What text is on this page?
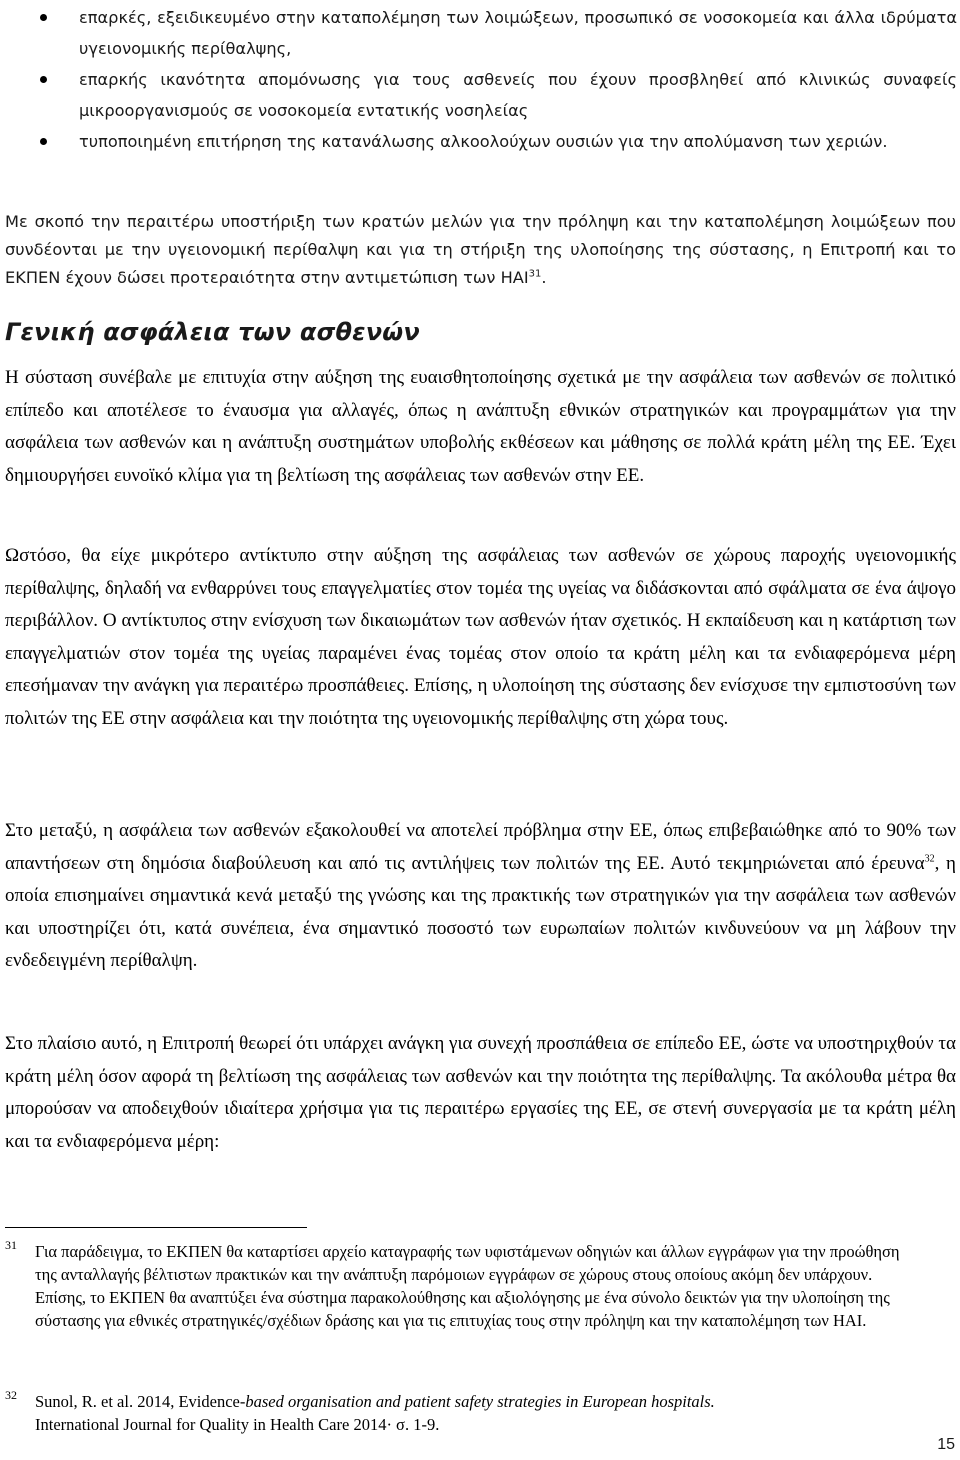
επαρκές, εξειδικευμένο στην καταπολέμηση των λοιμώξεων, προσωπικό σε νοσοκομεία και άλλα ιδρύματα υγειονομικής περίθαλψης,
επαρκής ικανότητα απομόνωσης για τους ασθενείς που έχουν προσβληθεί από κλινικώς συναφείς μικροοργανισμούς σε νοσοκομεία εντατικής νοσηλείας
τυποποιημένη επιτήρηση της κατανάλωσης αλκοολούχων ουσιών για την απολύμανση των χεριών.

Με σκοπό την περαιτέρω υποστήριξη των κρατών μελών για την πρόληψη και την καταπολέμηση λοιμώξεων που συνδέονται με την υγειονομική περίθαλψη και για τη στήριξη της υλοποίησης της σύστασης, η Επιτροπή και το ΕΚΠΕΝ έχουν δώσει προτεραιότητα στην αντιμετώπιση των HAI$^{31}$.

Γενική ασφάλεια των ασθενών

Η σύσταση συνέβαλε με επιτυχία στην αύξηση της ευαισθητοποίησης σχετικά με την ασφάλεια των ασθενών σε πολιτικό επίπεδο και αποτέλεσε το έναυσμα για αλλαγές, όπως η ανάπτυξη εθνικών στρατηγικών και προγραμμάτων για την ασφάλεια των ασθενών και η ανάπτυξη συστημάτων υποβολής εκθέσεων και μάθησης σε πολλά κράτη μέλη της ΕΕ. Έχει δημιουργήσει ευνοϊκό κλίμα για τη βελτίωση της ασφάλειας των ασθενών στην ΕΕ.

Ωστόσο, θα είχε μικρότερο αντίκτυπο στην αύξηση της ασφάλειας των ασθενών σε χώρους παροχής υγειονομικής περίθαλψης, δηλαδή να ενθαρρύνει τους επαγγελματίες στον τομέα της υγείας να διδάσκονται από σφάλματα σε ένα άψογο περιβάλλον. Ο αντίκτυπος στην ενίσχυση των δικαιωμάτων των ασθενών ήταν σχετικός. Η εκπαίδευση και η κατάρτιση των επαγγελματιών στον τομέα της υγείας παραμένει ένας τομέας στον οποίο τα κράτη μέλη και τα ενδιαφερόμενα μέρη επεσήμαναν την ανάγκη για περαιτέρω προσπάθειες. Επίσης, η υλοποίηση της σύστασης δεν ενίσχυσε την εμπιστοσύνη των πολιτών της ΕΕ στην ασφάλεια και την ποιότητα της υγειονομικής περίθαλψης στη χώρα τους.

Στο μεταξύ, η ασφάλεια των ασθενών εξακολουθεί να αποτελεί πρόβλημα στην ΕΕ, όπως επιβεβαιώθηκε από το 90% των απαντήσεων στη δημόσια διαβούλευση και από τις αντιλήψεις των πολιτών της ΕΕ. Αυτό τεκμηριώνεται από έρευνα$^{32}$, η οποία επισημαίνει σημαντικά κενά μεταξύ της γνώσης και της πρακτικής των στρατηγικών για την ασφάλεια των ασθενών και υποστηρίζει ότι, κατά συνέπεια, ένα σημαντικό ποσοστό των ευρωπαίων πολιτών κινδυνεύουν να μη λάβουν την ενδεδειγμένη περίθαλψη.

Στο πλαίσιο αυτό, η Επιτροπή θεωρεί ότι υπάρχει ανάγκη για συνεχή προσπάθεια σε επίπεδο ΕΕ, ώστε να υποστηριχθούν τα κράτη μέλη όσον αφορά τη βελτίωση της ασφάλειας των ασθενών και την ποιότητα της περίθαλψης. Τα ακόλουθα μέτρα θα μπορούσαν να αποδειχθούν ιδιαίτερα χρήσιμα για τις περαιτέρω εργασίες της ΕΕ, σε στενή συνεργασία με τα κράτη μέλη και τα ενδιαφερόμενα μέρη:

31 Για παράδειγμα, το ΕΚΠΕΝ θα καταρτίσει αρχείο καταγραφής των υφιστάμενων οδηγιών και άλλων εγγράφων για την προώθηση της ανταλλαγής βέλτιστων πρακτικών και την ανάπτυξη παρόμοιων εγγράφων σε χώρους στους οποίους ακόμη δεν υπάρχουν. Επίσης, το ΕΚΠΕΝ θα αναπτύξει ένα σύστημα παρακολούθησης και αξιολόγησης με ένα σύνολο δεικτών για την υλοποίηση της σύστασης για εθνικές στρατηγικές/σχέδιων δράσης και για τις επιτυχίας τους στην πρόληψη και την καταπολέμηση των HAI.
32 Sunol, R. et al. 2014, Evidence-based organisation and patient safety strategies in European hospitals.
International Journal for Quality in Health Care 2014· σ. 1-9.
15
